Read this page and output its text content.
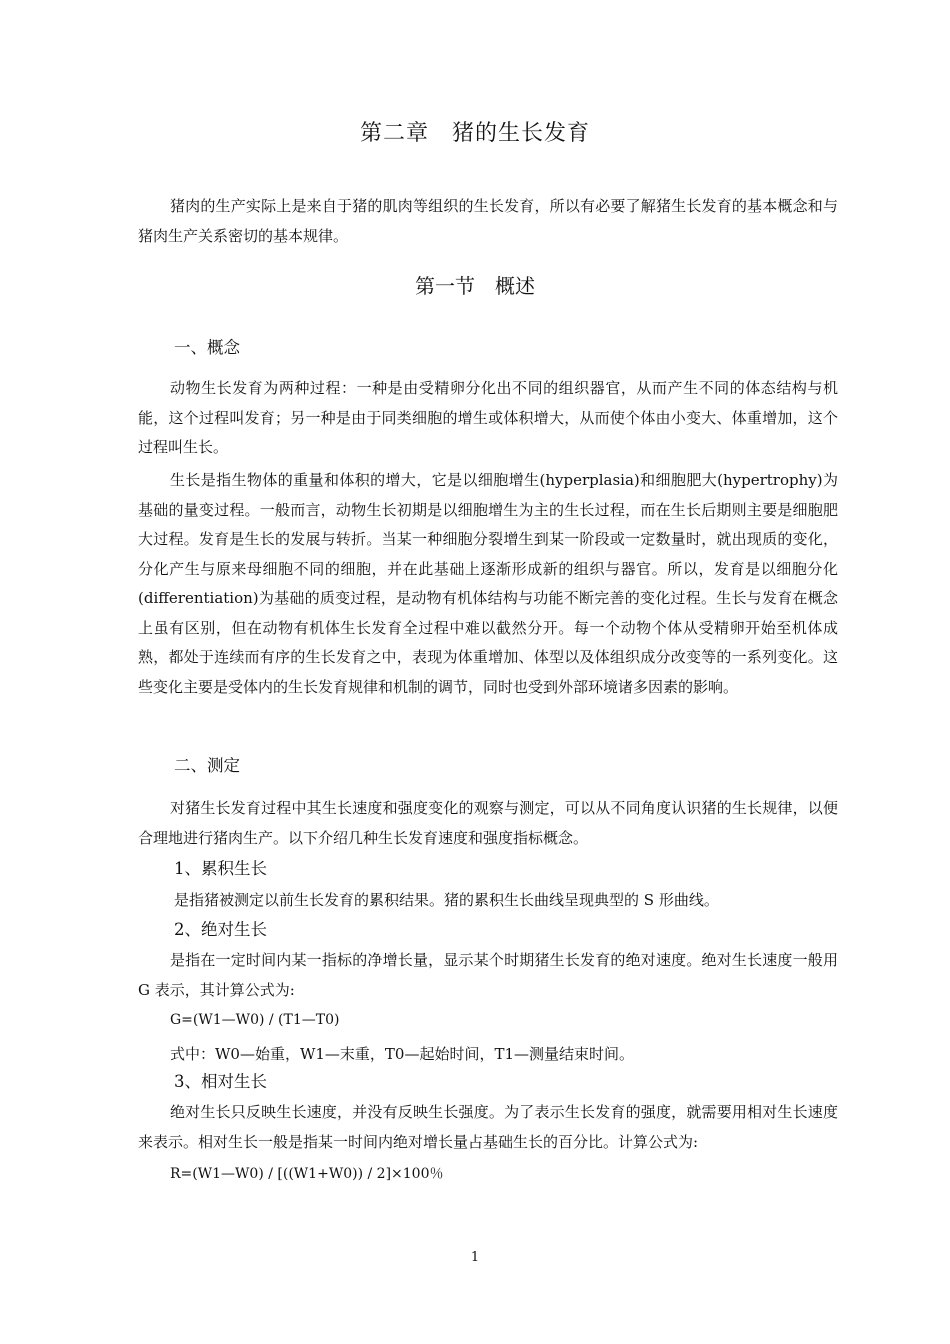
第二章　猪的生长发育

猪肉的生产实际上是来自于猪的肌肉等组织的生长发育，所以有必要了解猪生长发育的基本概念和与猪肉生产关系密切的基本规律。

第一节　概述

一、概念

动物生长发育为两种过程：一种是由受精卵分化出不同的组织器官，从而产生不同的体态结构与机能，这个过程叫发育；另一种是由于同类细胞的增生或体积增大，从而使个体由小变大、体重增加，这个过程叫生长。

生长是指生物体的重量和体积的增大，它是以细胞增生(hyperplasia)和细胞肥大(hypertrophy)为基础的量变过程。一般而言，动物生长初期是以细胞增生为主的生长过程，而在生长后期则主要是细胞肥大过程。发育是生长的发展与转折。当某一种细胞分裂增生到某一阶段或一定数量时，就出现质的变化，分化产生与原来母细胞不同的细胞，并在此基础上逐渐形成新的组织与器官。所以，发育是以细胞分化(differentiation)为基础的质变过程，是动物有机体结构与功能不断完善的变化过程。生长与发育在概念上虽有区别，但在动物有机体生长发育全过程中难以截然分开。每一个动物个体从受精卵开始至机体成熟，都处于连续而有序的生长发育之中，表现为体重增加、体型以及体组织成分改变等的一系列变化。这些变化主要是受体内的生长发育规律和机制的调节，同时也受到外部环境诸多因素的影响。

二、测定

对猪生长发育过程中其生长速度和强度变化的观察与测定，可以从不同角度认识猪的生长规律，以便合理地进行猪肉生产。以下介绍几种生长发育速度和强度指标概念。

1、累积生长

是指猪被测定以前生长发育的累积结果。猪的累积生长曲线呈现典型的 S 形曲线。

2、绝对生长

是指在一定时间内某一指标的净增长量，显示某个时期猪生长发育的绝对速度。绝对生长速度一般用 G 表示，其计算公式为:

G=(W1—W0) / (T1—T0)

式中：W0—始重，W1—末重，T0—起始时间，T1—测量结束时间。

3、相对生长

绝对生长只反映生长速度，并没有反映生长强度。为了表示生长发育的强度，就需要用相对生长速度来表示。相对生长一般是指某一时间内绝对增长量占基础生长的百分比。计算公式为:

R=(W1—W0) / [((W1+W0)) / 2]×100％

1
